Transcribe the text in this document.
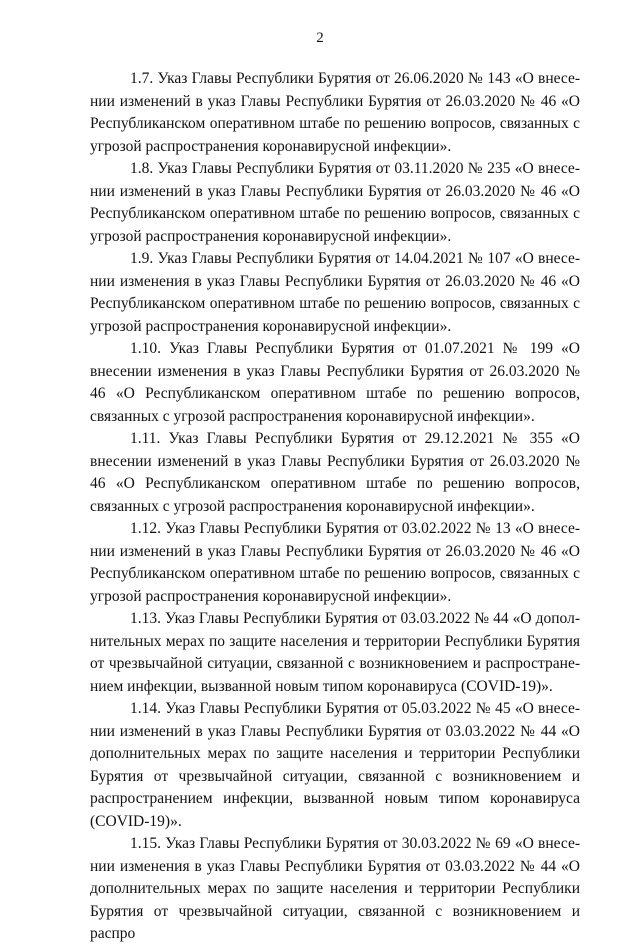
2

1.7. Указ Главы Республики Бурятия от 26.06.2020 № 143 «О внесении изменений в указ Главы Республики Бурятия от 26.03.2020 № 46 «О Республиканском оперативном штабе по решению вопросов, связанных с угрозой распространения коронавирусной инфекции».

1.8. Указ Главы Республики Бурятия от 03.11.2020 № 235 «О внесении изменений в указ Главы Республики Бурятия от 26.03.2020 № 46 «О Республиканском оперативном штабе по решению вопросов, связанных с угрозой распространения коронавирусной инфекции».

1.9. Указ Главы Республики Бурятия от 14.04.2021 № 107 «О внесении изменения в указ Главы Республики Бурятия от 26.03.2020 № 46 «О Республиканском оперативном штабе по решению вопросов, связанных с угрозой распространения коронавирусной инфекции».

1.10. Указ Главы Республики Бурятия от 01.07.2021 № 199 «О внесении изменения в указ Главы Республики Бурятия от 26.03.2020 № 46 «О Республиканском оперативном штабе по решению вопросов, связанных с угрозой распространения коронавирусной инфекции».

1.11. Указ Главы Республики Бурятия от 29.12.2021 № 355 «О внесении изменений в указ Главы Республики Бурятия от 26.03.2020 № 46 «О Республиканском оперативном штабе по решению вопросов, связанных с угрозой распространения коронавирусной инфекции».

1.12. Указ Главы Республики Бурятия от 03.02.2022 № 13 «О внесении изменений в указ Главы Республики Бурятия от 26.03.2020 № 46 «О Республиканском оперативном штабе по решению вопросов, связанных с угрозой распространения коронавирусной инфекции».

1.13. Указ Главы Республики Бурятия от 03.03.2022 № 44 «О дополнительных мерах по защите населения и территории Республики Бурятия от чрезвычайной ситуации, связанной с возникновением и распространением инфекции, вызванной новым типом коронавируса (COVID-19)».

1.14. Указ Главы Республики Бурятия от 05.03.2022 № 45 «О внесении изменений в указ Главы Республики Бурятия от 03.03.2022 № 44 «О дополнительных мерах по защите населения и территории Республики Бурятия от чрезвычайной ситуации, связанной с возникновением и распространением инфекции, вызванной новым типом коронавируса (COVID-19)».

1.15. Указ Главы Республики Бурятия от 30.03.2022 № 69 «О внесении изменения в указ Главы Республики Бурятия от 03.03.2022 № 44 «О дополнительных мерах по защите населения и территории Республики Бурятия от чрезвычайной ситуации, связанной с возникновением и распро
